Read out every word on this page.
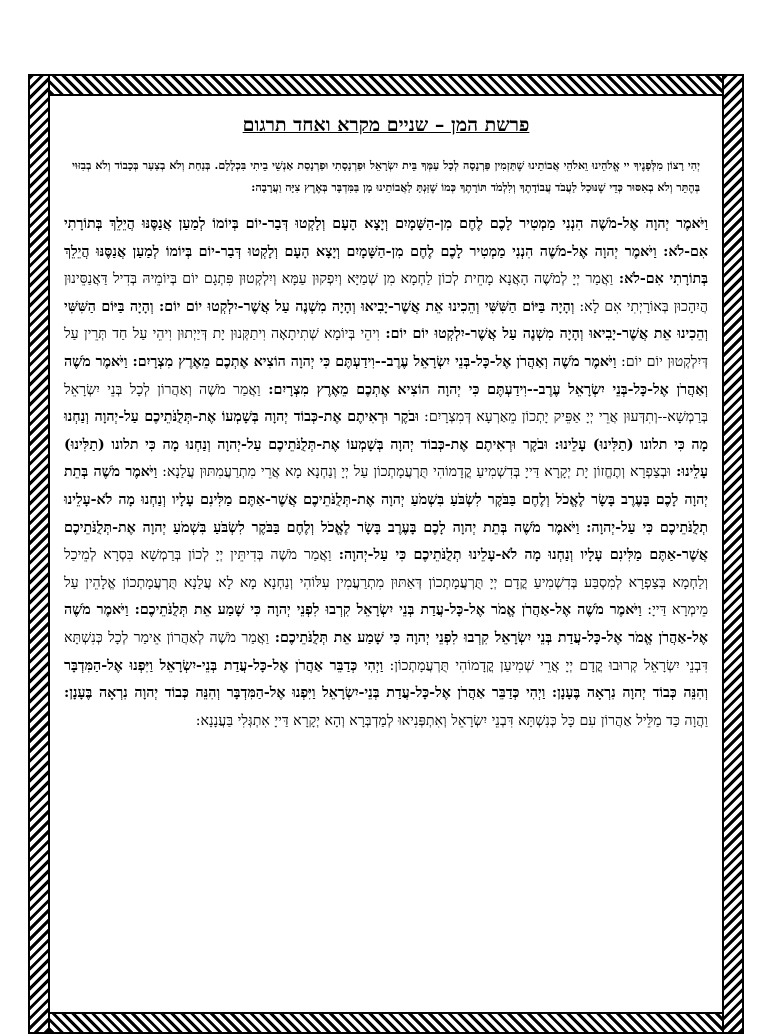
פרשת המן – שניים מקרא ואחד תרגום
יְהִי רָצוֹן מִלְּפָנֶיךָ יי אֱלֹהֵינוּ וֵאלֹהֵי אֲבוֹתֵינוּ שֶׁתַּזְמִין פַּרְנָסָה לְכָל עַמְּךָ בֵּית יִשְׂרָאֵל וּפַרְנָסָתִי וּפַרְנָסַת אַנְשֵׁי בֵיתִי בִּכְלָלָם. בְּנַחַת וְלֹא בְצַעַר בְּכָבוֹד וְלֹא בְבִזּוּי בְּהֶתֵּר וְלֹא בְאִסּוּר כְּדֵי שֶׁנּוּכַל לַעֲבֹד עֲבוֹדָתֶךָ וְלִלְמֹד תּוֹרָתֶךָ כְּמוֹ שֶׁזַּנְתָּ לַאֲבוֹתֵינוּ מָן בַּמִּדְבָּר בְּאֶרֶץ צִיָּה וַעֲרָבָה:

וַיֹּאמֶר יְהוָה אֶל-מֹשֶׁה הִנְנִי מַמְטִיר לָכֶם לֶחֶם מִן-הַשָּׁמָיִם וְיָצָא הָעָם וְלָקְטוּ דְּבַר-יוֹם בְּיוֹמוֹ לְמַעַן אֲנַסֶּנּוּ הֲיֵלֵךְ בְּתוֹרָתִי אִם-לֹא: וַיֹּאמֶר יְהוָה אֶל-מֹשֶׁה הִנְנִי מַמְטִיר לָכֶם לֶחֶם מִן-הַשָּׁמָיִם וְיָצָא הָעָם וְלָקְטוּ דְּבַר-יוֹם בְּיוֹמוֹ לְמַעַן אֲנַסֶּנּוּ הֲיֵלֵךְ בְּתוֹרָתִי אִם-לֹא: וַאֲמַר יְיָ לְמֹשֶׁה הָאֲנָא מָחֵית לְכוֹן לַחְמָא מִן שְׁמַיָּא וְיִפְקוּן עַמָּא וְיִלְקְטוּן פִּתְגָם יוֹם בְּיוֹמֵיהּ בְּדִיל דַּאֲנַסֵּינוּן הֲיִהָכוּן בְּאוֹרָיְתִי אִם לָא: וְהָיָה בַּיּוֹם הַשִּׁשִּׁי וְהֵכִינוּ אֵת אֲשֶׁר-יָבִיאוּ וְהָיָה מִשְׁנֶה עַל אֲשֶׁר-יִלְקְטוּ יוֹם יוֹם: וְהָיָה בַּיּוֹם הַשִּׁשִּׁי וְהֵכִינוּ אֵת אֲשֶׁר-יָבִיאוּ וְהָיָה מִשְׁנֶה עַל אֲשֶׁר-יִלְקְטוּ יוֹם יוֹם: וִיהֵי בְּיוֹמָא שְׁתִיתָאָה וִיתַקְּנוּן יָת דְּיַיְתוּן וִיהֵי עַל חַד תְּרֵין עַל דְּיִלְקְטוּן יוֹם יוֹם: וַיֹּאמֶר מֹשֶׁה וְאַהֲרֹן אֶל-כָּל-בְּנֵי יִשְׂרָאֵל עֶרֶב--וִידַעְתֶּם כִּי יְהוָה הוֹצִיא אֶתְכֶם מֵאֶרֶץ מִצְרָיִם: וַיֹּאמֶר מֹשֶׁה וְאַהֲרֹן אֶל-כָּל-בְּנֵי יִשְׂרָאֵל עֶרֶב--וִידַעְתֶּם כִּי יְהוָה הוֹצִיא אֶתְכֶם מֵאֶרֶץ מִצְרָיִם: וַאֲמַר מֹשֶׁה וְאַהֲרוֹן לְכָל בְּנֵי יִשְׂרָאֵל בְּרַמְשָׁא--וְתִדְּעוּן אֲרֵי יְיָ אַפֵּיק יָתְכוֹן מֵאַרְעָא דְּמִצְרָיִם: וּבֹקֶר וּרְאִיתֶם אֶת-כְּבוֹד יְהוָה בְּשָׁמְעוֹ אֶת-תְּלֻנֹּתֵיכֶם עַל-יְהוָה וְנַחְנוּ מָה כִּי תלונו (תַלִּינוּ) עָלֵינוּ: וּבֹקֶר וּרְאִיתֶם אֶת-כְּבוֹד יְהוָה בְּשָׁמְעוֹ אֶת-תְּלֻנֹּתֵיכֶם עַל-יְהוָה וְנַחְנוּ מָה כִּי תלונו (תַלִּינוּ) עָלֵינוּ: וּבְצַפְרָא וְתֶחֱזוֹן יָת יְקָרָא דַּייָ בְּדִשְׁמִיעַ קֳדָמוֹהִי תֻּרְעֲמָתְכוֹן עַל יְיָ וְנַחְנָא מָא אֲרֵי מִתְרַעֲמִתּוּן עֲלַנָא: וַיֹּאמֶר מֹשֶׁה בְּתֵת יְהוָה לָכֶם בָּעֶרֶב בָּשָׂר לֶאֱכֹל וְלֶחֶם בַּבֹּקֶר לִשְׂבֹּעַ בִּשְׁמֹעַ יְהוָה אֶת-תְּלֻנֹּתֵיכֶם אֲשֶׁר-אַתֶּם מַלִּינִם עָלָיו וְנַחְנוּ מָה לֹא-עָלֵינוּ תְלֻנֹּתֵיכֶם כִּי עַל-יְהוָה: וַיֹּאמֶר מֹשֶׁה בְּתֵת יְהוָה לָכֶם בָּעֶרֶב בָּשָׂר לֶאֱכֹל וְלֶחֶם בַּבֹּקֶר לִשְׂבֹּעַ בִּשְׁמֹעַ יְהוָה אֶת-תְּלֻנֹּתֵיכֶם אֲשֶׁר-אַתֶּם מַלִּינִם עָלָיו וְנַחְנוּ מָה לֹא-עָלֵינוּ תְלֻנֹּתֵיכֶם כִּי עַל-יְהוָה: וַאֲמַר מֹשֶׁה בְּדִיתֵּין יְיָ לְכוֹן בְּרַמְשָׁא בִּסְרָא לְמֵיכַל וְלַחְמָא בְּצַפְרָא לְמִסְבַּע בְּדִשְׁמִיעַ קֳדָם יְיָ תֻּרְעֲמָתְכוֹן דְּאַתּוּן מִתְרַעֲמִין עִלּוֹהִי וְנַחְנָא מָא לָא עֲלַנָא תֻּרְעֲמָתְכוֹן אֱלָהֵין עַל מֵימְרָא דַּייָ: וַיֹּאמֶר מֹשֶׁה אֶל-אַהֲרֹן אֱמֹר אֶל-כָּל-עֲדַת בְּנֵי יִשְׂרָאֵל קִרְבוּ לִפְנֵי יְהוָה כִּי שָׁמַע אֵת תְּלֻנֹּתֵיכֶם: וַיֹּאמֶר מֹשֶׁה אֶל-אַהֲרֹן אֱמֹר אֶל-כָּל-עֲדַת בְּנֵי יִשְׂרָאֵל קִרְבוּ לִפְנֵי יְהוָה כִּי שָׁמַע אֵת תְּלֻנֹּתֵיכֶם: וַאֲמַר מֹשֶׁה לְאַהֲרוֹן אֵימַר לְכָל כְּנִשְׁתָּא דִּבְנֵי יִשְׂרָאֵל קְרוּבוּ קֳדָם יְיָ אֲרֵי שְׁמִיעַן קֳדָמוֹהִי תֻּרְעֲמָתְכוֹן: וַיְהִי כְּדַבֵּר אַהֲרֹן אֶל-כָּל-עֲדַת בְּנֵי-יִשְׂרָאֵל וַיִּפְנוּ אֶל-הַמִּדְבָּר וְהִנֵּה כְּבוֹד יְהוָה נִרְאָה בֶּעָנָן: וַיְהִי כְּדַבֵּר אַהֲרֹן אֶל-כָּל-עֲדַת בְּנֵי-יִשְׂרָאֵל וַיִּפְנוּ אֶל-הַמִּדְבָּר וְהִנֵּה כְּבוֹד יְהוָה נִרְאָה בֶּעָנָן: וַהֲוָה כַּד מַלֵּיל אַהֲרוֹן עִם כָּל כְּנִשְׁתָּא דִּבְנֵי יִשְׂרָאֵל וְאִתְפְּנִיאוּ לְמַדְבְּרָא וְהָא יְקָרָא דַּייָ אִתְגְּלִי בַּעֲנָנָא:
